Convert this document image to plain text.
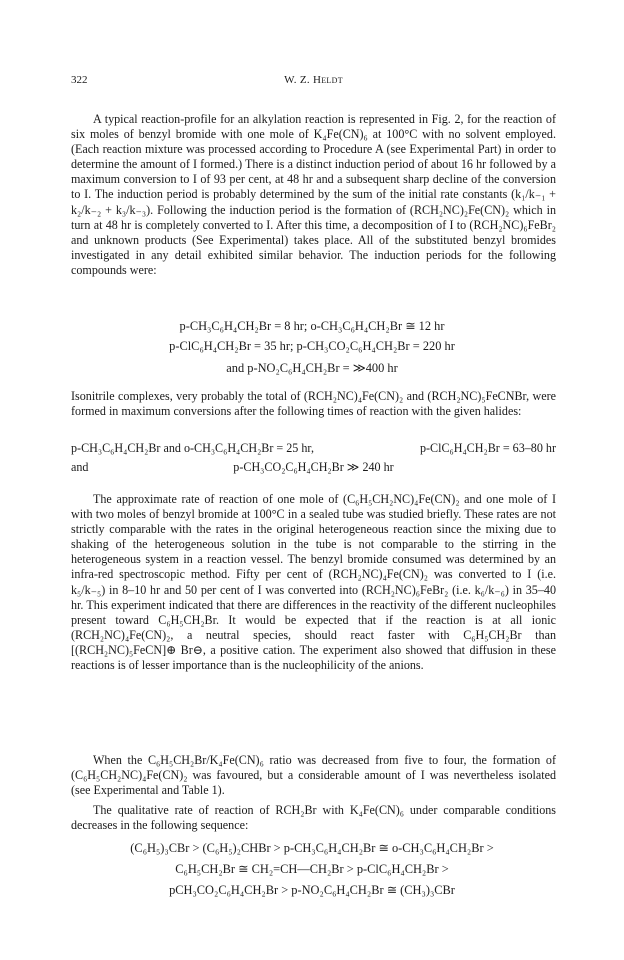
322	W. Z. Heldt

A typical reaction-profile for an alkylation reaction is represented in Fig. 2, for the reaction of six moles of benzyl bromide with one mole of K₄Fe(CN)₆ at 100°C with no solvent employed. (Each reaction mixture was processed according to Procedure A (see Experimental Part) in order to determine the amount of I formed.) There is a distinct induction period of about 16 hr followed by a maximum conversion to I of 93 per cent, at 48 hr and a subsequent sharp decline of the conversion to I. The induction period is probably determined by the sum of the initial rate constants (k₁/k₋₁ + k₂/k₋₂ + k₃/k₋₃). Following the induction period is the formation of (RCH₂NC)₂Fe(CN)₂ which in turn at 48 hr is completely converted to I. After this time, a decomposition of I to (RCH₂NC)₆FeBr₂ and unknown products (See Experimental) takes place. All of the substituted benzyl bromides investigated in any detail exhibited similar behavior. The induction periods for the following compounds were:

p-CH₃C₆H₄CH₂Br = 8 hr; o-CH₃C₆H₄CH₂Br ≅ 12 hr
p-ClC₆H₄CH₂Br = 35 hr; p-CH₃CO₂C₆H₄CH₂Br = 220 hr
and p-NO₂C₆H₄CH₂Br = ≫400 hr

Isonitrile complexes, very probably the total of (RCH₂NC)₄Fe(CN)₂ and (RCH₂NC)₅FeCNBr, were formed in maximum conversions after the following times of reaction with the given halides:

p-CH₃C₆H₄CH₂Br and o-CH₃C₆H₄CH₂Br = 25 hr,	p-ClC₆H₄CH₂Br = 63–80 hr
and	p-CH₃CO₂C₆H₄CH₂Br ≫ 240 hr

The approximate rate of reaction of one mole of (C₆H₅CH₂NC)₄Fe(CN)₂ and one mole of I with two moles of benzyl bromide at 100°C in a sealed tube was studied briefly. These rates are not strictly comparable with the rates in the original heterogeneous reaction since the mixing due to shaking of the heterogeneous solution in the tube is not comparable to the stirring in the heterogeneous system in a reaction vessel. The benzyl bromide consumed was determined by an infra-red spectroscopic method. Fifty per cent of (RCH₂NC)₄Fe(CN)₂ was converted to I (i.e. k₅/k₋₅) in 8–10 hr and 50 per cent of I was converted into (RCH₂NC)₆FeBr₂ (i.e. k₆/k₋₆) in 35–40 hr. This experiment indicated that there are differences in the reactivity of the different nucleophiles present toward C₆H₅CH₂Br. It would be expected that if the reaction is at all ionic (RCH₂NC)₄Fe(CN)₂, a neutral species, should react faster with C₆H₅CH₂Br than [(RCH₂NC)₅FeCN]⊕ Br⊖, a positive cation. The experiment also showed that diffusion in these reactions is of lesser importance than is the nucleophilicity of the anions.

When the C₆H₅CH₂Br/K₄Fe(CN)₆ ratio was decreased from five to four, the formation of (C₆H₅CH₂NC)₄Fe(CN)₂ was favoured, but a considerable amount of I was nevertheless isolated (see Experimental and Table 1).

The qualitative rate of reaction of RCH₂Br with K₄Fe(CN)₆ under comparable conditions decreases in the following sequence:

(C₆H₅)₃CBr > (C₆H₅)₂CHBr > p-CH₃C₆H₄CH₂Br ≅ o-CH₃C₆H₄CH₂Br >
C₆H₅CH₂Br ≅ CH₂=CH—CH₂Br > p-ClC₆H₄CH₂Br >
pCH₃CO₂C₆H₄CH₂Br > p-NO₂C₆H₄CH₂Br ≅ (CH₃)₃CBr
